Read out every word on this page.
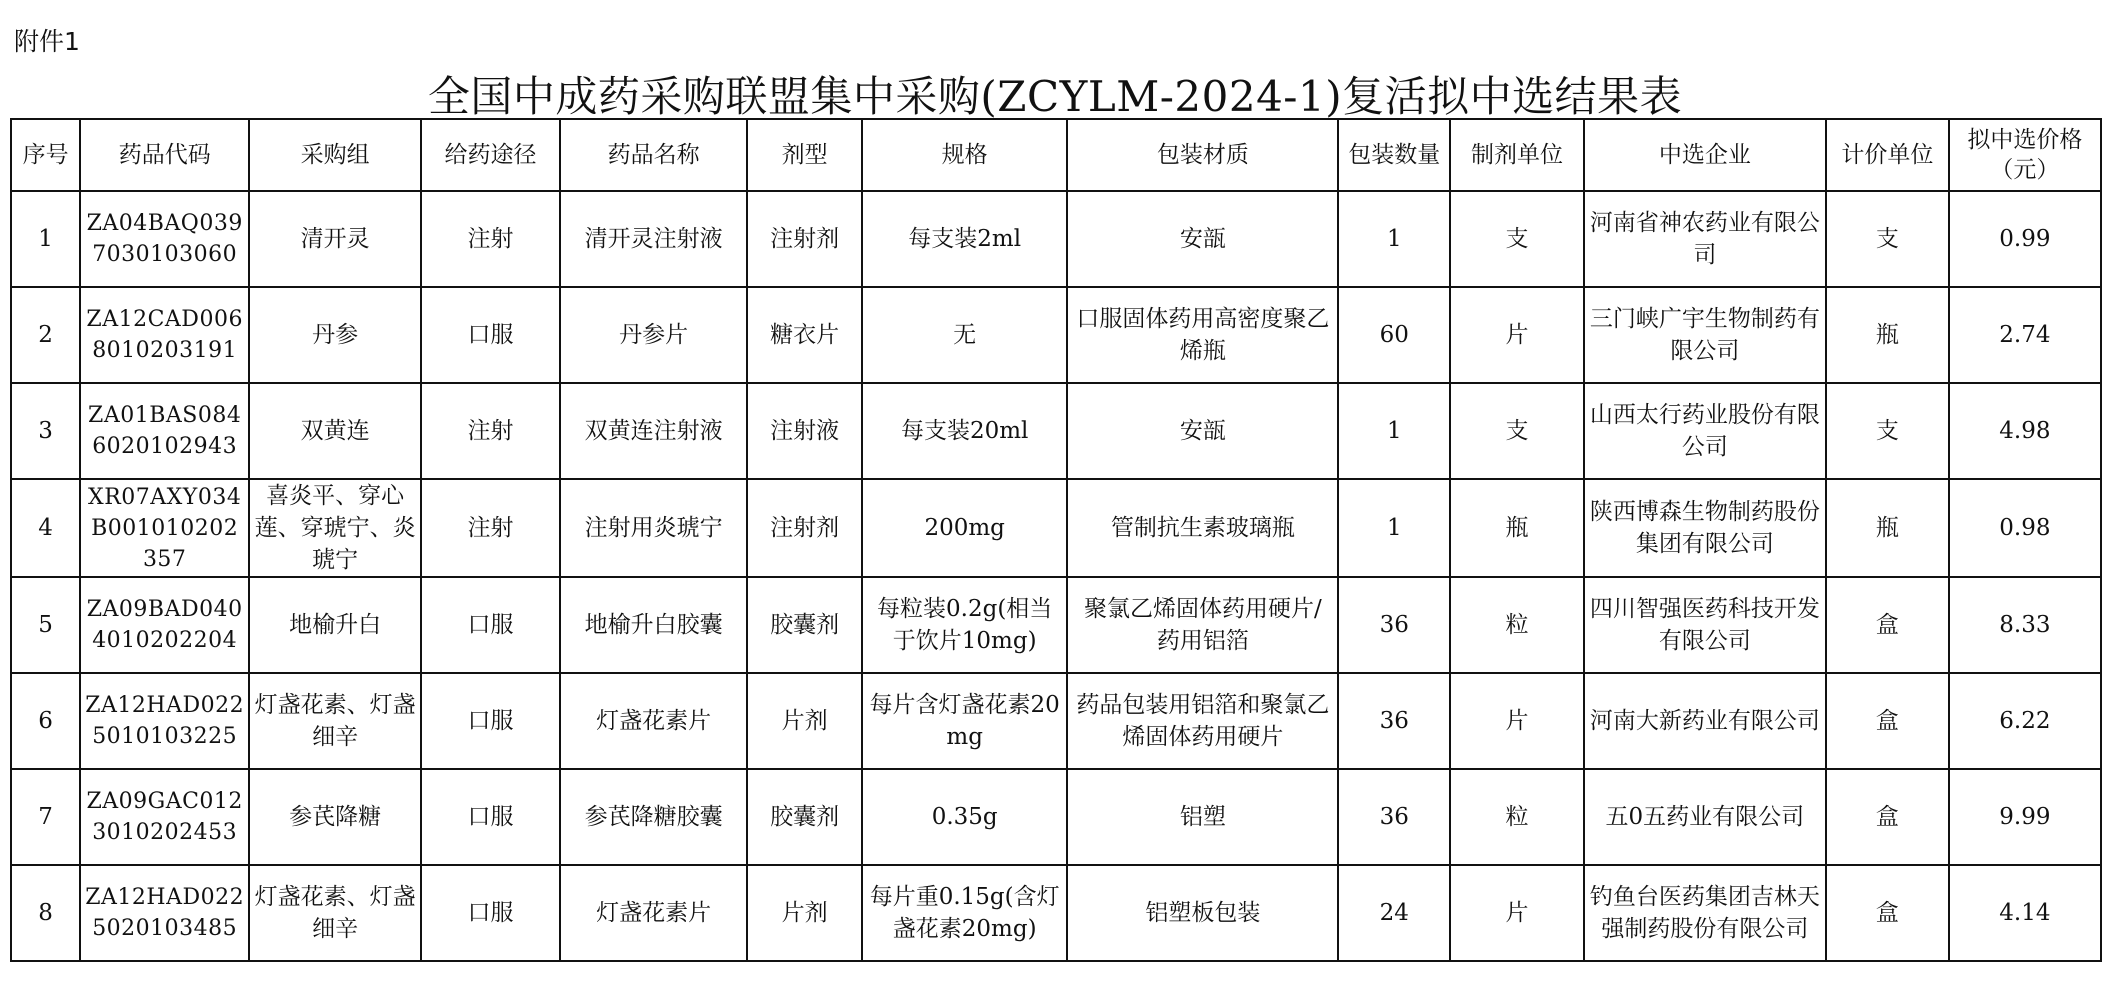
附件1
全国中成药采购联盟集中采购(ZCYLM-2024-1)复活拟中选结果表
序号	药品代码	采购组	给药途径	药品名称	剂型	规格	包装材质	包装数量	制剂单位	中选企业	计价单位	拟中选价格（元）
1	ZA04BAQ0397030103060	清开灵	注射	清开灵注射液	注射剂	每支装2ml	安瓿	1	支	河南省神农药业有限公司	支	0.99
2	ZA12CAD0068010203191	丹参	口服	丹参片	糖衣片	无	口服固体药用高密度聚乙烯瓶	60	片	三门峡广宇生物制药有限公司	瓶	2.74
3	ZA01BAS0846020102943	双黄连	注射	双黄连注射液	注射液	每支装20ml	安瓿	1	支	山西太行药业股份有限公司	支	4.98
4	XR07AXY034B001010202357	喜炎平、穿心莲、穿琥宁、炎琥宁	注射	注射用炎琥宁	注射剂	200mg	管制抗生素玻璃瓶	1	瓶	陕西博森生物制药股份集团有限公司	瓶	0.98
5	ZA09BAD0404010202204	地榆升白	口服	地榆升白胶囊	胶囊剂	每粒装0.2g(相当于饮片10mg)	聚氯乙烯固体药用硬片/药用铝箔	36	粒	四川智强医药科技开发有限公司	盒	8.33
6	ZA12HAD0225010103225	灯盏花素、灯盏细辛	口服	灯盏花素片	片剂	每片含灯盏花素20mg	药品包装用铝箔和聚氯乙烯固体药用硬片	36	片	河南大新药业有限公司	盒	6.22
7	ZA09GAC0123010202453	参芪降糖	口服	参芪降糖胶囊	胶囊剂	0.35g	铝塑	36	粒	五0五药业有限公司	盒	9.99
8	ZA12HAD0225020103485	灯盏花素、灯盏细辛	口服	灯盏花素片	片剂	每片重0.15g(含灯盏花素20mg)	铝塑板包装	24	片	钓鱼台医药集团吉林天强制药股份有限公司	盒	4.14
